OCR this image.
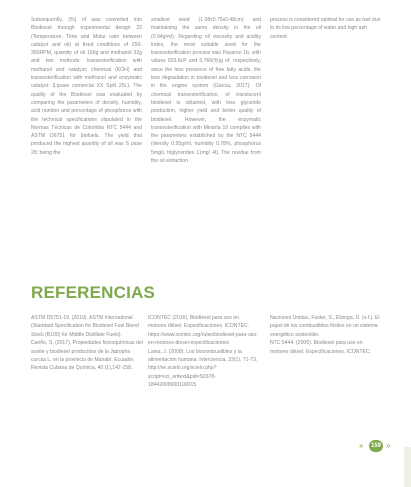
Subsequently, (%) of was converted into Biodiesel through experimental design 23 (Temperature, Time and Molar ratio between catalyst and oil) at fixed conditions of 250-350RPM, quantity of oil 150g and methanol 32g and two methods: transesterification with methanol and catalyst; chemical (KOH) and transesterification with methanol and enzymatic catalyst: (Lipase comercial XX Spilt 25L). The quality of the Biodiesel was evaluated by comparing the parameters of density, humidity, acid number and percentage of phosphorus with the technical specifications stipulated in the Normas Técnicas de Colombia NTC 5444 and ASTM D6751 for biofuels. The yield that produced the highest quantity of oil was S pase 28; being the

smallest seed (1.08x0.75x0.48cm) and maintaining the same density in the oil (0.94g/ml). Regarding oil viscosity and acidity index, the most suitable seed for the transesterification process was Pasaroo 1b, with values 833.6cP and 0.766(%)g of, respectively, since the less presence of free fatty acids, the less degradation in biodiesel and less corrosion in the engine system (Garcia, 2017). Of chemical transesterification, of translucent biodiesel is obtained, with less glyceride production, higher yield and better quality of biodiesel. However, the enzymatic transesterification with Miranta 10 complies with the parameters established by the NTC 5444 (density 0.95g/ml, humidity 0.78%, phosphorus 5mg/L triglycerides 11mg/ 4l). The residue from the oil extraction

process is considered optimal for use as fuel due to its low percentage of water and high ash content.

REFERENCIAS

ASTM D5751-19. (2019). ASTM International (Standard Specification for Biodiesel Fuel Blend Stock (B100) for Middle Distillate Fuels).

Cariño, S. (2017). Propiedades fisicoquímicas del aceite y biodiesel producidos de la Jatropha curcas L. en la provincia de Manabí, Ecuador. Revista Cubana de Química, 40 (1),142-158.

ICONTEC (2016). Biodiésel para uso en motores diésel. Especificaciones. ICONTEC. https://www.icontec.org/rules/biodiesel-para-uso-en-motores-diesel-especificaciones/

Laina, J. (2008). Los biocombustibles y la alimentación humana. Interciencia, 33(1), 71-73. http://ve.scielo.org/scielo.php?script=sci_arttext&pid=S0378-18442008000100015

Naciones Unidas, Foster, S., Elzinga, D. (s.f.). El papel de los combustibles fósiles en un sistema energético sostenible.

NTC 5444. (2006). Biodiesel para uso en motores diésel. Especificaciones. ICONTEC.

»	159 »
